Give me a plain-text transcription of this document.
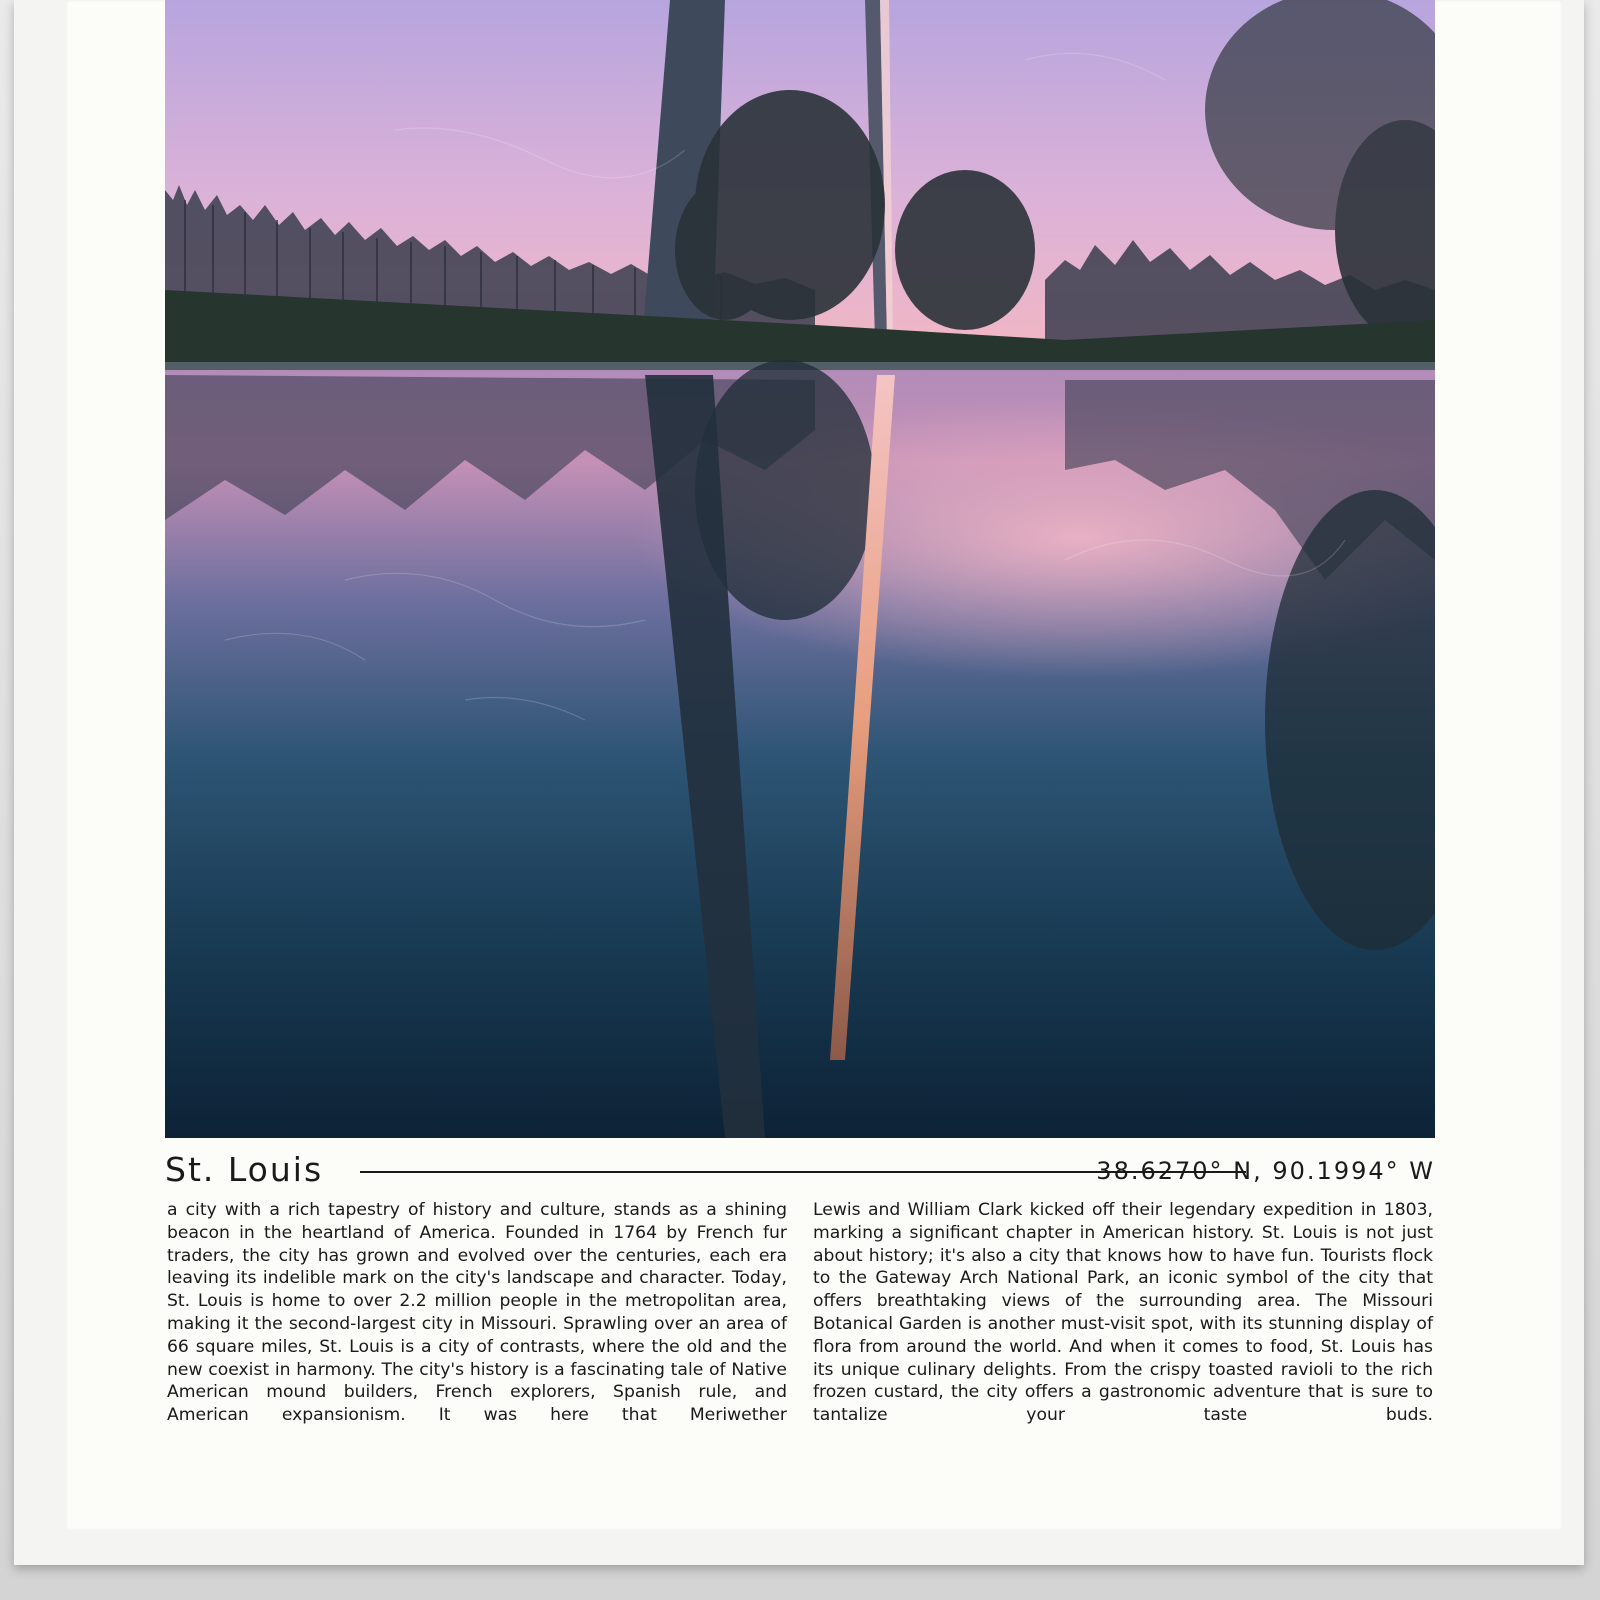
St. Louis	38.6270° N, 90.1994° W
a city with a rich tapestry of history and culture, stands as a shining beacon in the heartland of America. Founded in 1764 by French fur traders, the city has grown and evolved over the centuries, each era leaving its indelible mark on the city's landscape and character. Today, St. Louis is home to over 2.2 million people in the metropolitan area, making it the second-largest city in Missouri. Sprawling over an area of 66 square miles, St. Louis is a city of contrasts, where the old and the new coexist in harmony. The city's history is a fascinating tale of Native American mound builders, French explorers, Spanish rule, and American expansionism. It was here that Meriwether
Lewis and William Clark kicked off their legendary expedition in 1803, marking a significant chapter in American history. St. Louis is not just about history; it's also a city that knows how to have fun. Tourists flock to the Gateway Arch National Park, an iconic symbol of the city that offers breathtaking views of the surrounding area. The Missouri Botanical Garden is another must-visit spot, with its stunning display of flora from around the world. And when it comes to food, St. Louis has its unique culinary delights. From the crispy toasted ravioli to the rich frozen custard, the city offers a gastronomic adventure that is sure to tantalize your taste buds.
